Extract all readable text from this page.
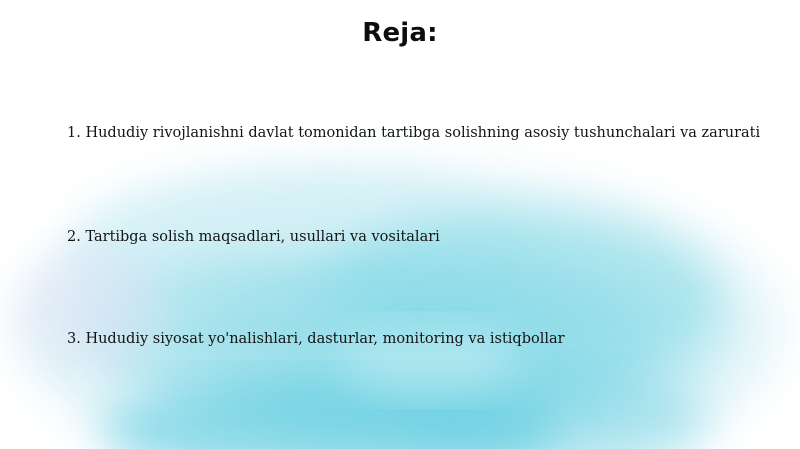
Reja:
1. Hududiy rivojlanishni davlat tomonidan tartibga solishning asosiy tushunchalari va zarurati
2. Tartibga solish maqsadlari, usullari va vositalari
3. Hududiy siyosat yo'nalishlari, dasturlar, monitoring va istiqbollar
